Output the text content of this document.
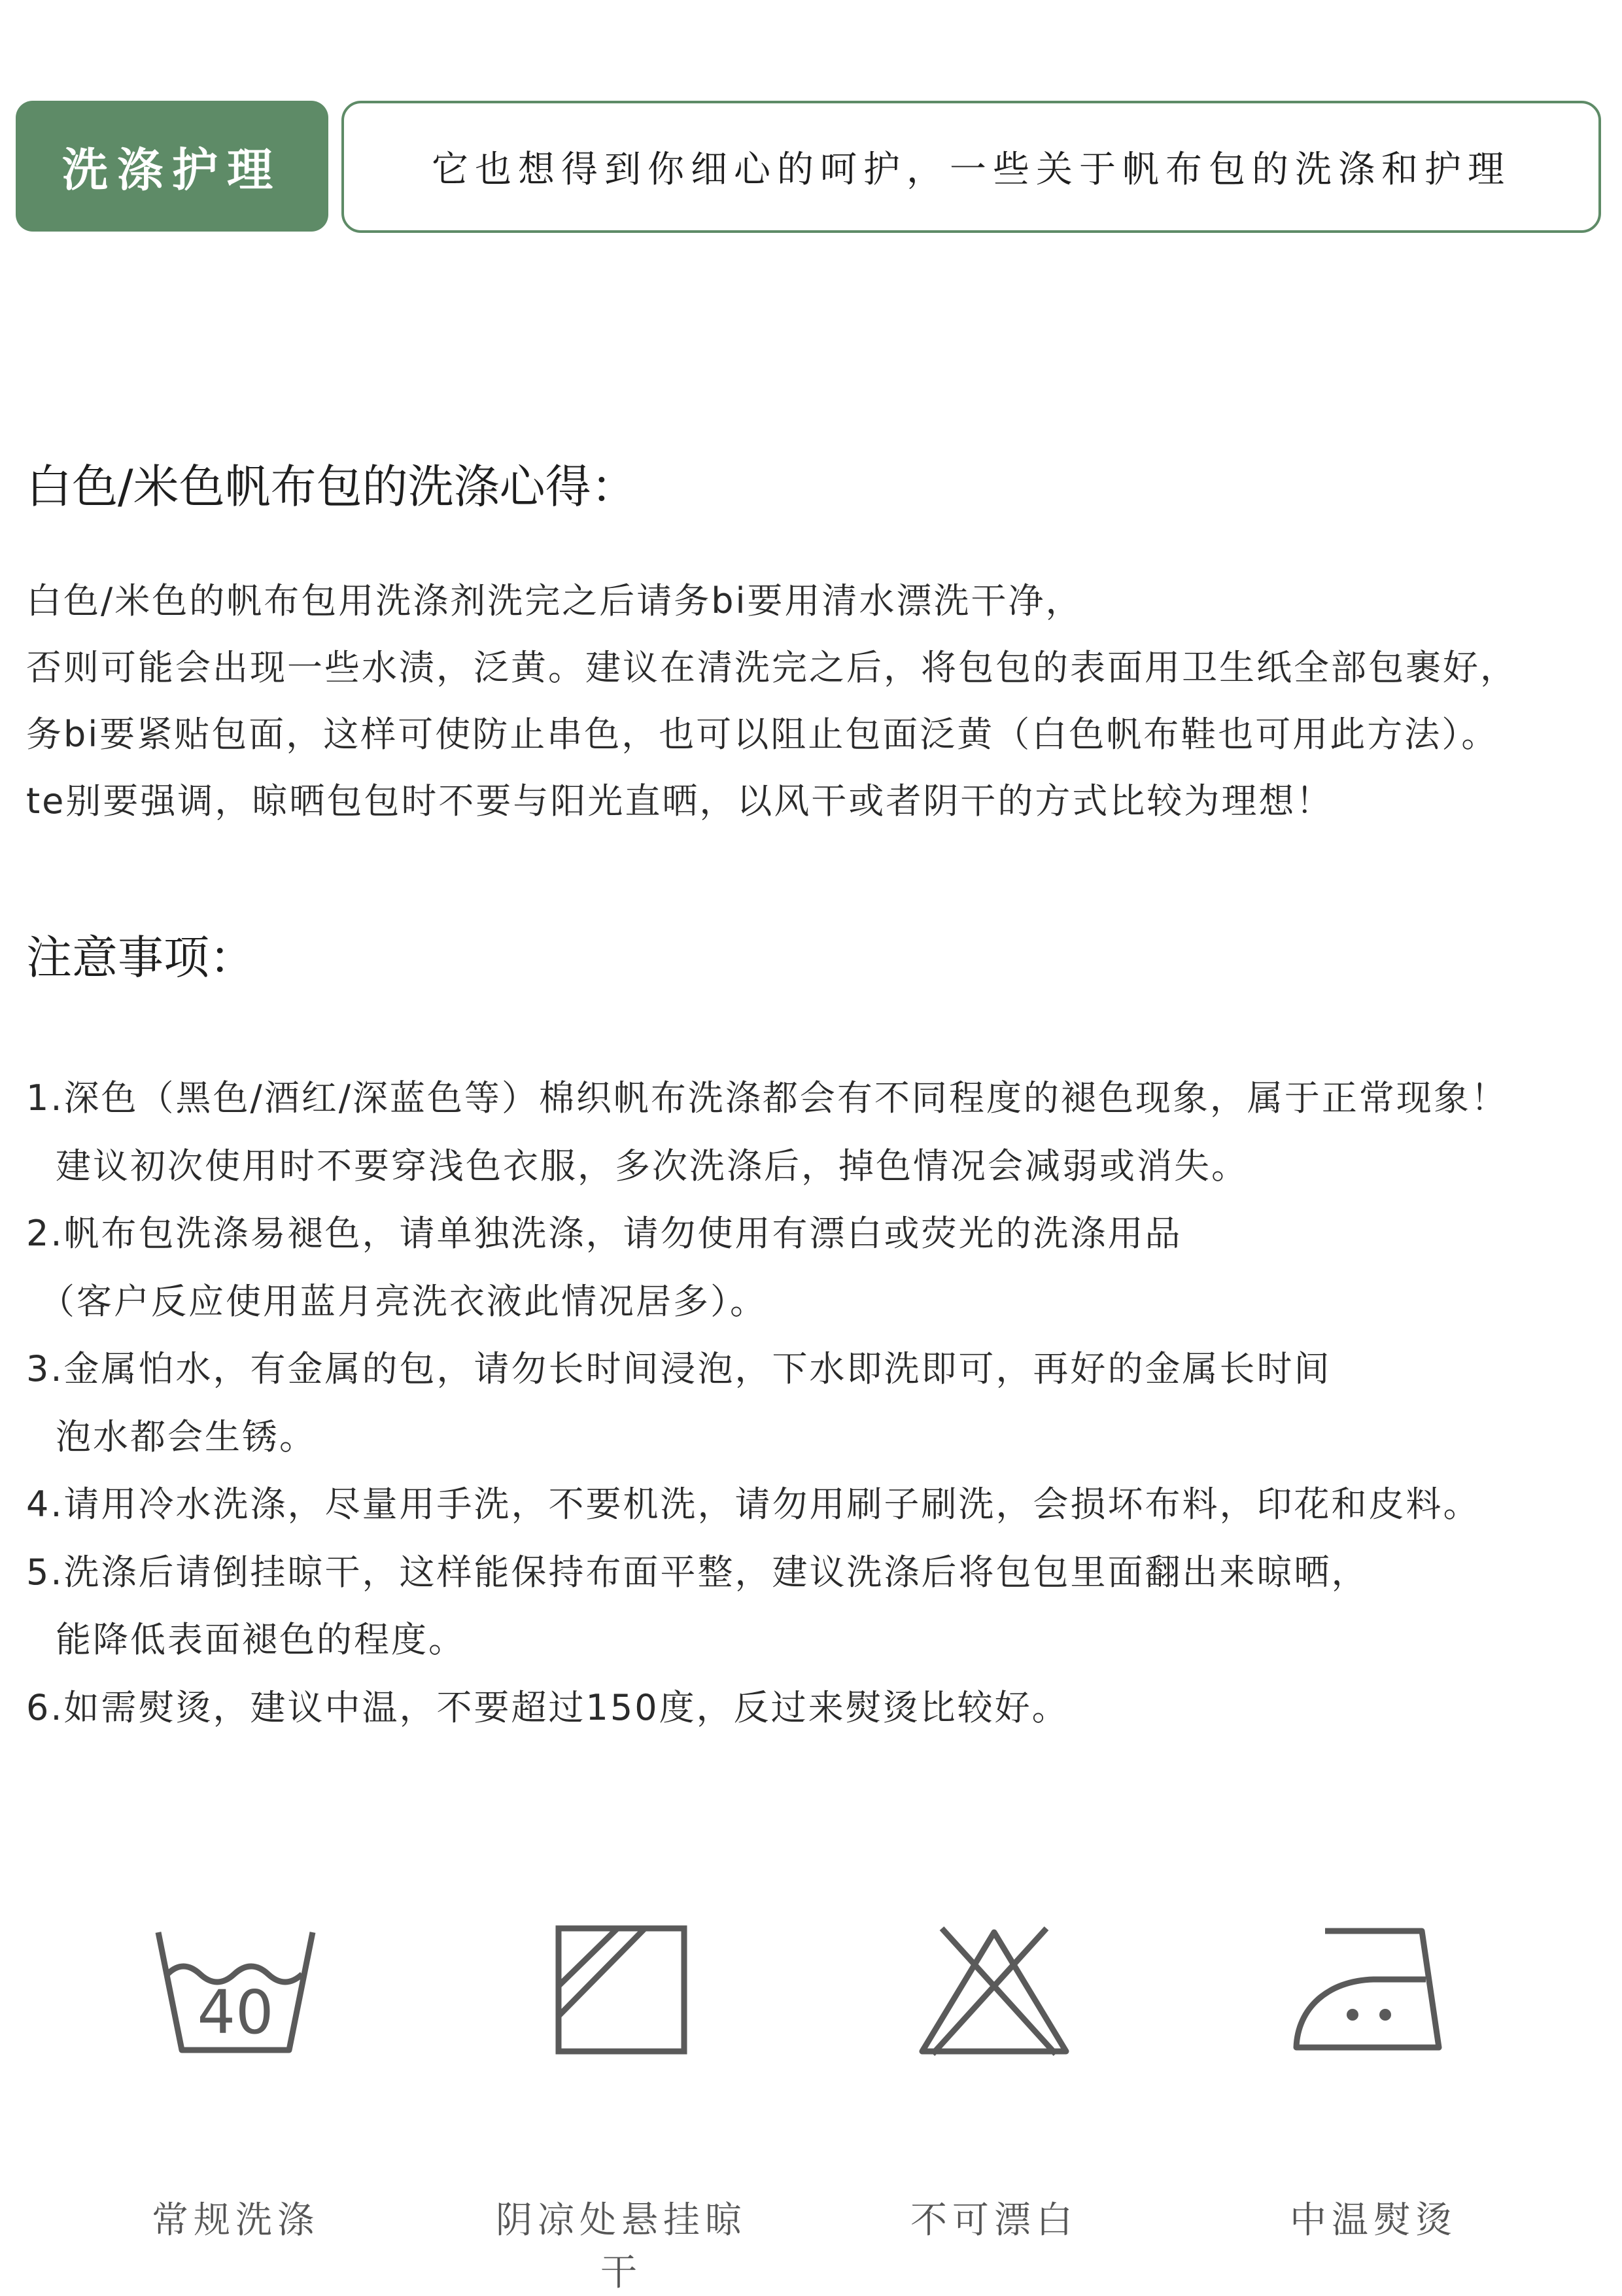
洗涤护理	它也想得到你细心的呵护，一些关于帆布包的洗涤和护理
白色/米色帆布包的洗涤心得：

白色/米色的帆布包用洗涤剂洗完之后请务bi要用清水漂洗干净，

否则可能会出现一些水渍，泛黄。建议在清洗完之后，将包包的表面用卫生纸全部包裹好，

务bi要紧贴包面，这样可使防止串色，也可以阻止包面泛黄（白色帆布鞋也可用此方法）。

te别要强调，晾晒包包时不要与阳光直晒，以风干或者阴干的方式比较为理想！

注意事项：
1.深色（黑色/酒红/深蓝色等）棉织帆布洗涤都会有不同程度的褪色现象，属于正常现象！
建议初次使用时不要穿浅色衣服，多次洗涤后，掉色情况会减弱或消失。
2.帆布包洗涤易褪色，请单独洗涤，请勿使用有漂白或荧光的洗涤用品
（客户反应使用蓝月亮洗衣液此情况居多）。
3.金属怕水，有金属的包，请勿长时间浸泡，下水即洗即可，再好的金属长时间
泡水都会生锈。
4.请用冷水洗涤，尽量用手洗，不要机洗，请勿用刷子刷洗，会损坏布料，印花和皮料。
5.洗涤后请倒挂晾干，这样能保持布面平整，建议洗涤后将包包里面翻出来晾晒，
能降低表面褪色的程度。
6.如需熨烫，建议中温，不要超过150度，反过来熨烫比较好。
40
常规洗涤	阴凉处悬挂晾干
不可漂白	中温熨烫
